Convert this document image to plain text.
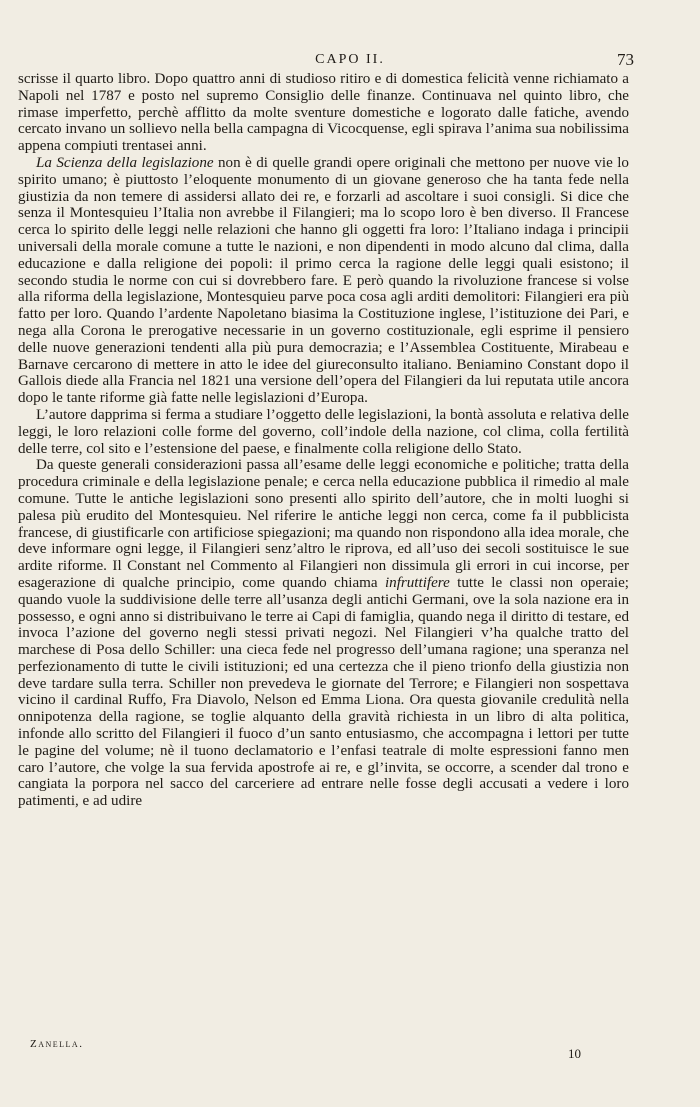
CAPO II.	73

scrisse il quarto libro. Dopo quattro anni di studioso ritiro e di domestica felicità venne richiamato a Napoli nel 1787 e posto nel supremo Consiglio delle finanze. Continuava nel quinto libro, che rimase imperfetto, perchè afflitto da molte sventure domestiche e logorato dalle fatiche, avendo cercato invano un sollievo nella bella campagna di Vicocquense, egli spirava l’anima sua nobilissima appena compiuti trentasei anni.

La Scienza della legislazione non è di quelle grandi opere originali che mettono per nuove vie lo spirito umano; è piuttosto l’eloquente monumento di un giovane generoso che ha tanta fede nella giustizia da non temere di assidersi allato dei re, e forzarli ad ascoltare i suoi consigli. Si dice che senza il Montesquieu l’Italia non avrebbe il Filangieri; ma lo scopo loro è ben diverso. Il Francese cerca lo spirito delle leggi nelle relazioni che hanno gli oggetti fra loro: l’Italiano indaga i principii universali della morale comune a tutte le nazioni, e non dipendenti in modo alcuno dal clima, dalla educazione e dalla religione dei popoli: il primo cerca la ragione delle leggi quali esistono; il secondo studia le norme con cui si dovrebbero fare. E però quando la rivoluzione francese si volse alla riforma della legislazione, Montesquieu parve poca cosa agli arditi demolitori: Filangieri era più fatto per loro. Quando l’ardente Napoletano biasima la Costituzione inglese, l’istituzione dei Pari, e nega alla Corona le prerogative necessarie in un governo costituzionale, egli esprime il pensiero delle nuove generazioni tendenti alla più pura democrazia; e l’Assemblea Costituente, Mirabeau e Barnave cercarono di mettere in atto le idee del giureconsulto italiano. Beniamino Constant dopo il Gallois diede alla Francia nel 1821 una versione dell’opera del Filangieri da lui reputata utile ancora dopo le tante riforme già fatte nelle legislazioni d’Europa.

L’autore dapprima si ferma a studiare l’oggetto delle legislazioni, la bontà assoluta e relativa delle leggi, le loro relazioni colle forme del governo, coll’indole della nazione, col clima, colla fertilità delle terre, col sito e l’estensione del paese, e finalmente colla religione dello Stato.

Da queste generali considerazioni passa all’esame delle leggi economiche e politiche; tratta della procedura criminale e della legislazione penale; e cerca nella educazione pubblica il rimedio al male comune. Tutte le antiche legislazioni sono presenti allo spirito dell’autore, che in molti luoghi si palesa più erudito del Montesquieu. Nel riferire le antiche leggi non cerca, come fa il pubblicista francese, di giustificarle con artificiose spiegazioni; ma quando non rispondono alla idea morale, che deve informare ogni legge, il Filangieri senz’altro le riprova, ed all’uso dei secoli sostituisce le sue ardite riforme. Il Constant nel Commento al Filangieri non dissimula gli errori in cui incorse, per esagerazione di qualche principio, come quando chiama infruttifere tutte le classi non operaie; quando vuole la suddivisione delle terre all’usanza degli antichi Germani, ove la sola nazione era in possesso, e ogni anno si distribuivano le terre ai Capi di famiglia, quando nega il diritto di testare, ed invoca l’azione del governo negli stessi privati negozi. Nel Filangieri v’ha qualche tratto del marchese di Posa dello Schiller: una cieca fede nel progresso dell’umana ragione; una speranza nel perfezionamento di tutte le civili istituzioni; ed una certezza che il pieno trionfo della giustizia non deve tardare sulla terra. Schiller non prevedeva le giornate del Terrore; e Filangieri non sospettava vicino il cardinal Ruffo, Fra Diavolo, Nelson ed Emma Liona. Ora questa giovanile credulità nella onnipotenza della ragione, se toglie alquanto della gravità richiesta in un libro di alta politica, infonde allo scritto del Filangieri il fuoco d’un santo entusiasmo, che accompagna i lettori per tutte le pagine del volume; nè il tuono declamatorio e l’enfasi teatrale di molte espressioni fanno men caro l’autore, che volge la sua fervida apostrofe ai re, e gl’invita, se occorre, a scender dal trono e cangiata la porpora nel sacco del carceriere ad entrare nelle fosse degli accusati a vedere i loro patimenti, e ad udire

Zanella.
10
